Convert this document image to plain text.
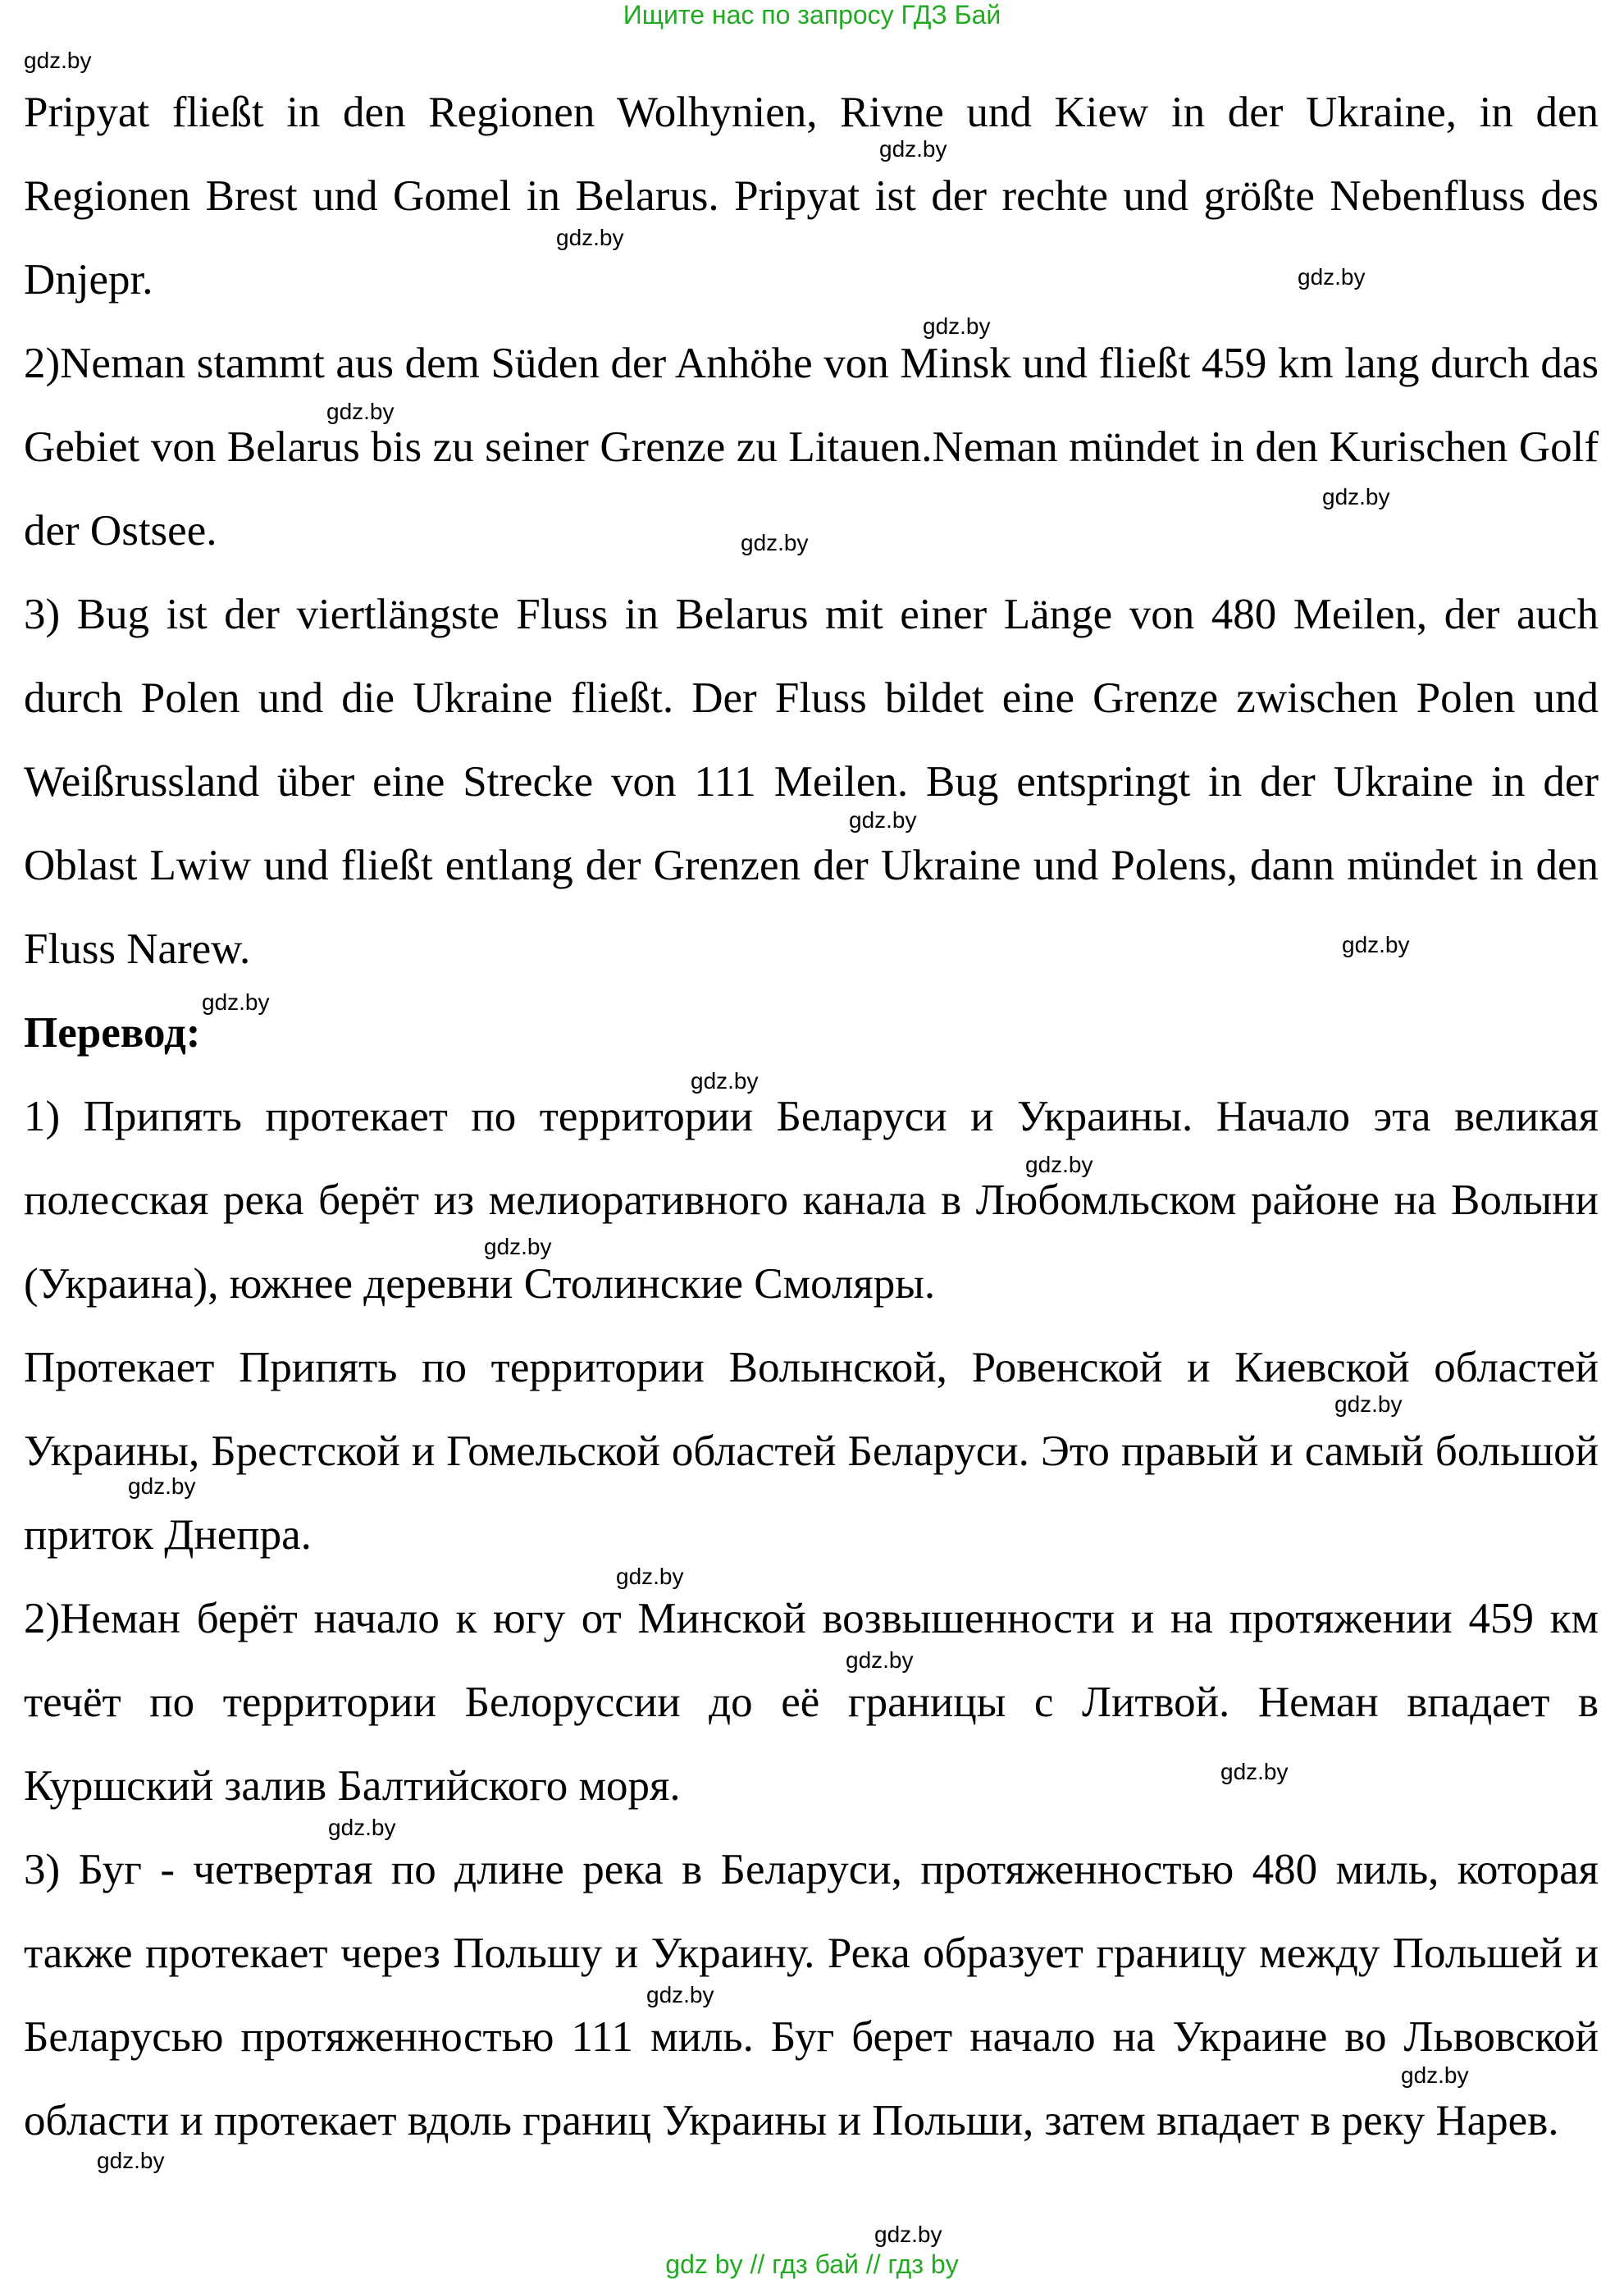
Ищите нас по запросу ГДЗ Бай

Pripyat fließt in den Regionen Wolhynien, Rivne und Kiew in der Ukraine, in den Regionen Brest und Gomel in Belarus. Pripyat ist der rechte und größte Nebenfluss des Dnjepr.

2)Neman stammt aus dem Süden der Anhöhe von Minsk und fließt 459 km lang durch das Gebiet von Belarus bis zu seiner Grenze zu Litauen.Neman mündet in den Kurischen Golf der Ostsee.

3) Bug ist der viertlängste Fluss in Belarus mit einer Länge von 480 Meilen, der auch durch Polen und die Ukraine fließt. Der Fluss bildet eine Grenze zwischen Polen und Weißrussland über eine Strecke von 111 Meilen. Bug entspringt in der Ukraine in der Oblast Lwiw und fließt entlang der Grenzen der Ukraine und Polens, dann mündet in den Fluss Narew.

Перевод:

1) Припять протекает по территории Беларуси и Украины. Начало эта великая полесская река берёт из мелиоративного канала в Любомльском районе на Волыни (Украина), южнее деревни Столинские Смоляры.

Протекает Припять по территории Волынской, Ровенской и Киевской областей Украины, Брестской и Гомельской областей Беларуси. Это правый и самый большой приток Днепра.

2)Неман берёт начало к югу от Минской возвышенности и на протяжении 459 км течёт по территории Белоруссии до её границы с Литвой. Неман впадает в Куршский залив Балтийского моря.

3) Буг - четвертая по длине река в Беларуси, протяженностью 480 миль, которая также протекает через Польшу и Украину. Река образует границу между Польшей и Беларусью протяженностью 111 миль. Буг берет начало на Украине во Львовской области и протекает вдоль границ Украины и Польши, затем впадает в реку Нарев.

gdz.by
gdz.by
gdz.by
gdz.by
gdz.by
gdz.by
gdz.by
gdz.by
gdz.by
gdz.by
gdz.by
gdz.by
gdz.by
gdz.by
gdz.by
gdz.by
gdz.by
gdz.by
gdz.by
gdz.by
gdz.by
gdz.by
gdz.by
gdz.by
gdz by // гдз бай // гдз by
